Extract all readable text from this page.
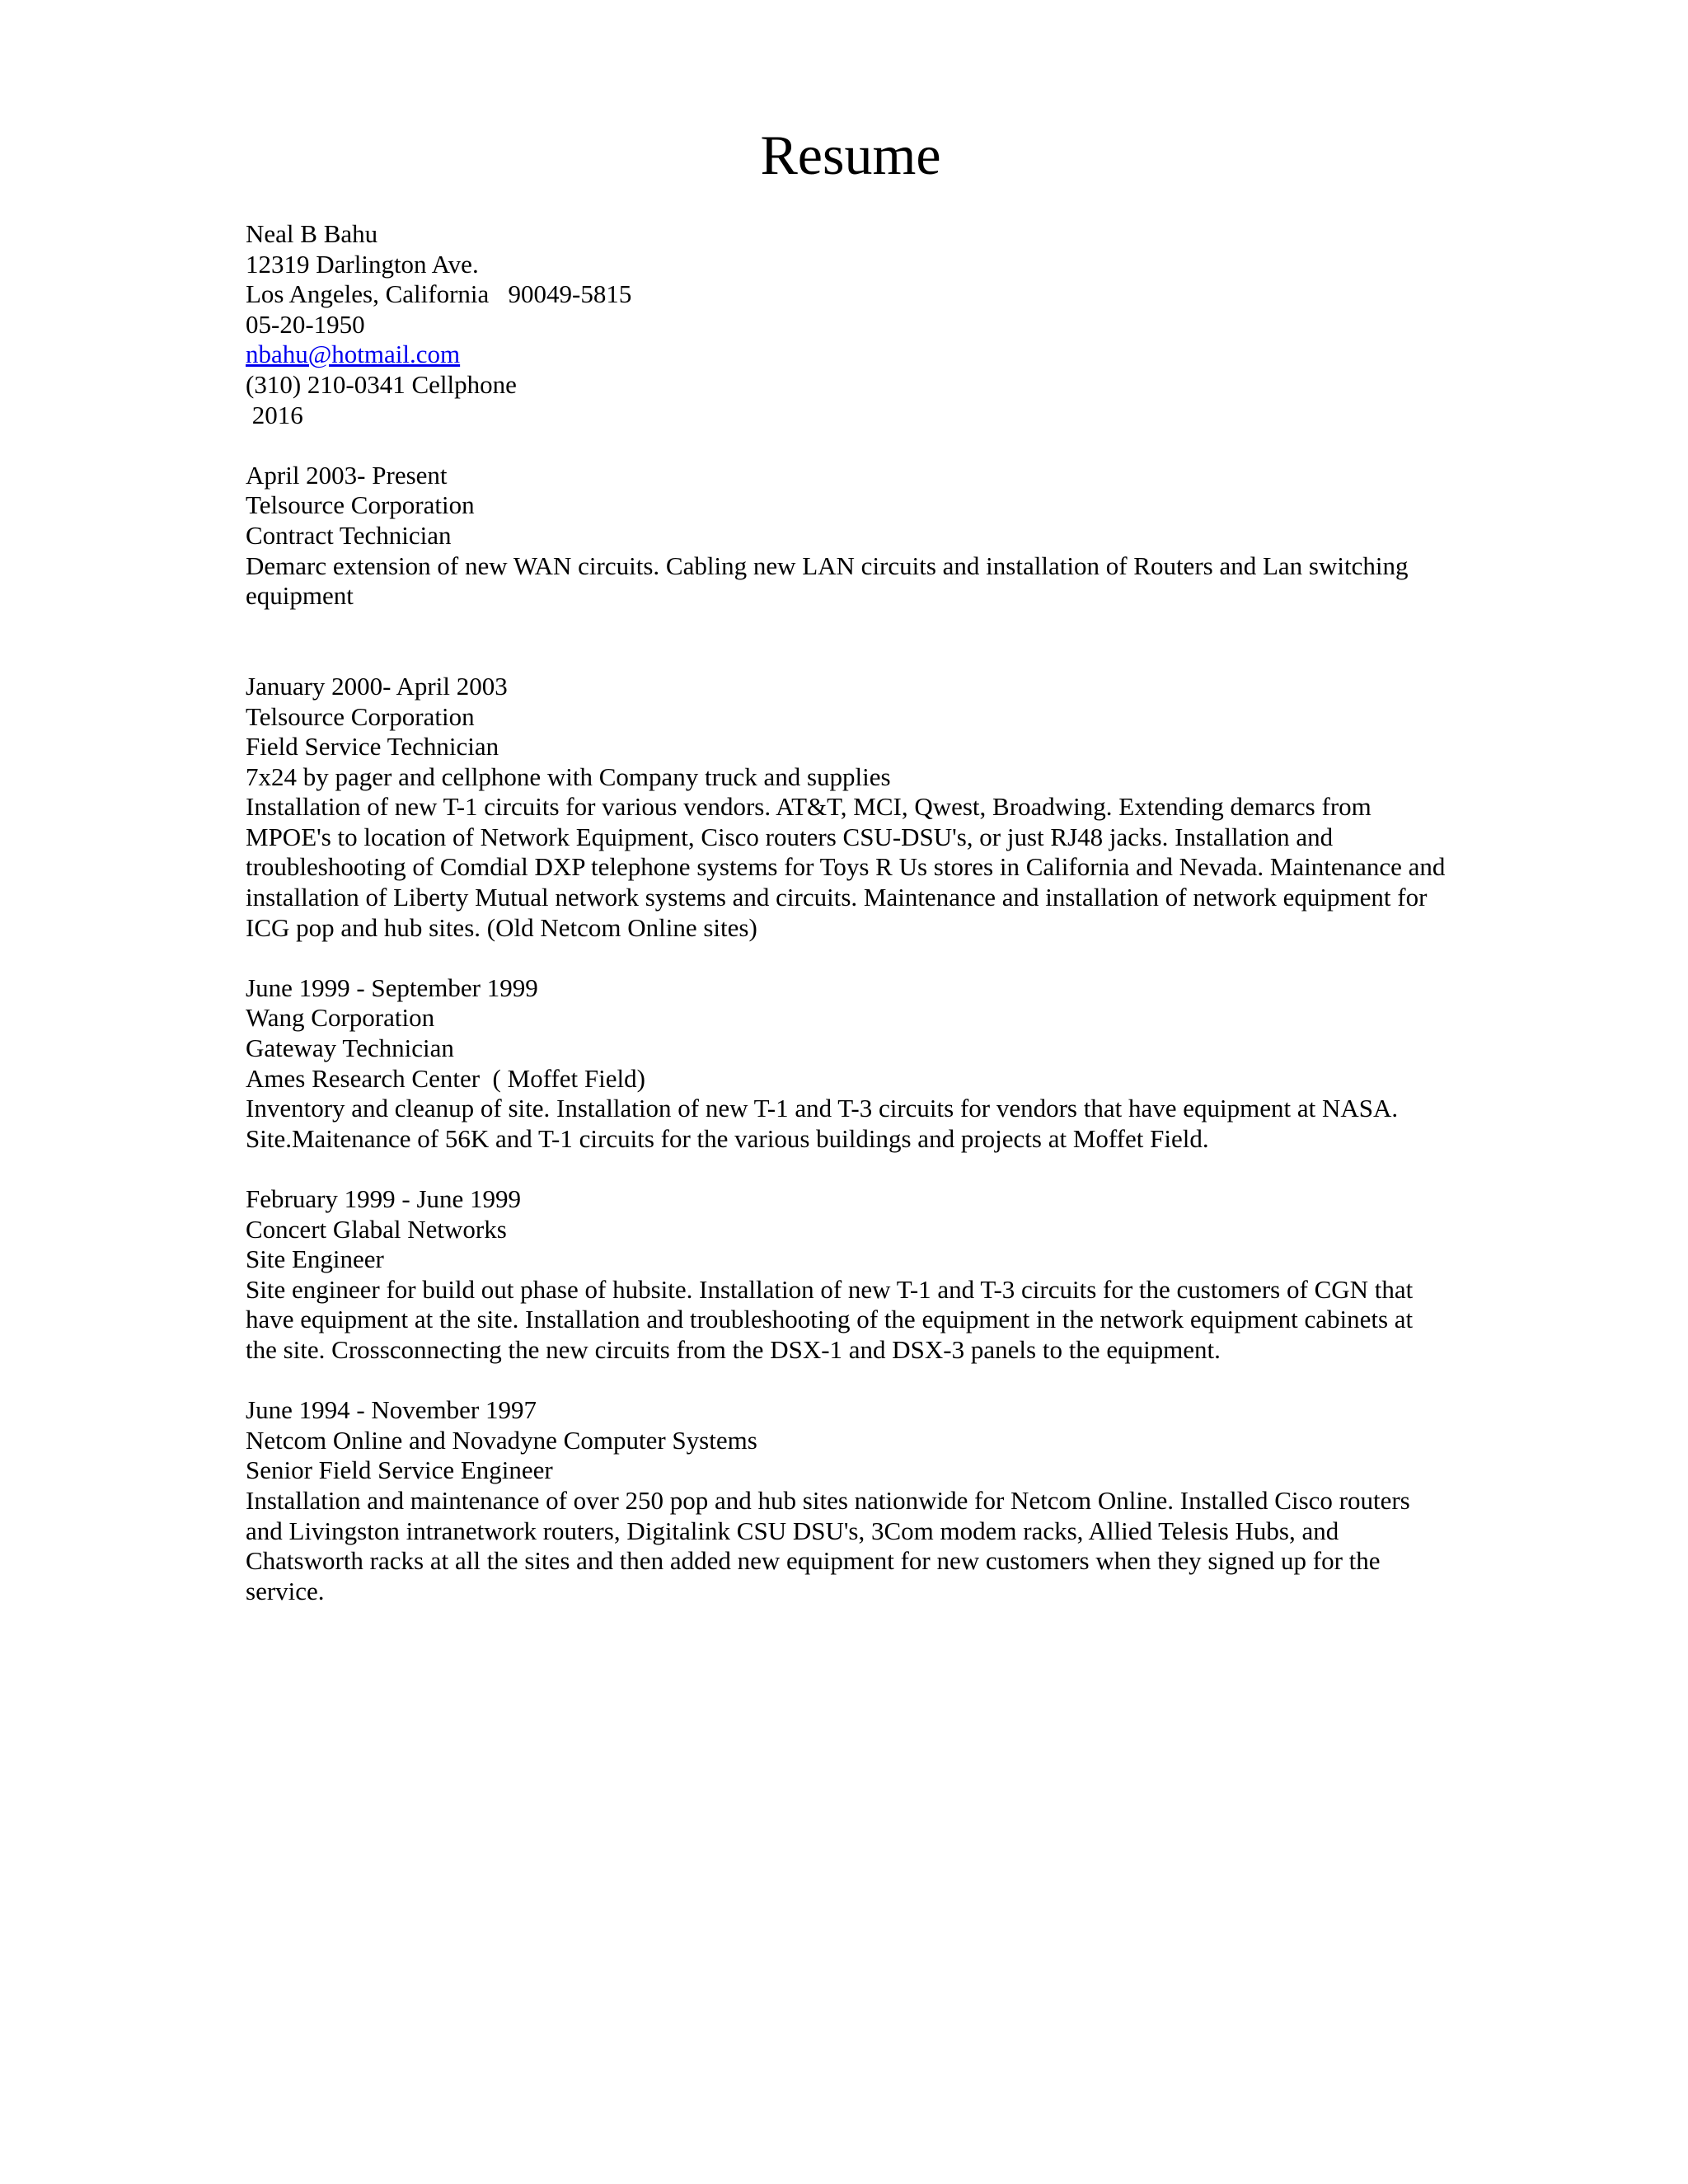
Resume
Neal B Bahu
12319 Darlington Ave.
Los Angeles, California   90049-5815
05-20-1950
nbahu@hotmail.com
(310) 210-0341 Cellphone
2016
April 2003- Present
Telsource Corporation
Contract Technician
Demarc extension of new WAN circuits. Cabling new LAN circuits and installation of Routers and Lan switching equipment
January 2000- April 2003
Telsource Corporation
Field Service Technician
7x24 by pager and cellphone with Company truck and supplies
Installation of new T-1 circuits for various vendors. AT&T, MCI, Qwest, Broadwing. Extending demarcs from MPOE's to location of Network Equipment, Cisco routers CSU-DSU's, or just RJ48 jacks. Installation and troubleshooting of Comdial DXP telephone systems for Toys R Us stores in California and Nevada. Maintenance and installation of Liberty Mutual network systems and circuits. Maintenance and installation of network equipment for ICG pop and hub sites. (Old Netcom Online sites)
June 1999 - September 1999
Wang Corporation
Gateway Technician
Ames Research Center  ( Moffet Field)
Inventory and cleanup of site. Installation of new T-1 and T-3 circuits for vendors that have equipment at NASA. Site.Maitenance of 56K and T-1 circuits for the various buildings and projects at Moffet Field.
February 1999 - June 1999
Concert Glabal Networks
Site Engineer
Site engineer for build out phase of hubsite. Installation of new T-1 and T-3 circuits for the customers of CGN that have equipment at the site. Installation and troubleshooting of the equipment in the network equipment cabinets at the site. Crossconnecting the new circuits from the DSX-1 and DSX-3 panels to the equipment.
June 1994 - November 1997
Netcom Online and Novadyne Computer Systems
Senior Field Service Engineer
Installation and maintenance of over 250 pop and hub sites nationwide for Netcom Online. Installed Cisco routers and Livingston intranetwork routers, Digitalink CSU DSU's, 3Com modem racks, Allied Telesis Hubs, and Chatsworth racks at all the sites and then added new equipment for new customers when they signed up for the service.
